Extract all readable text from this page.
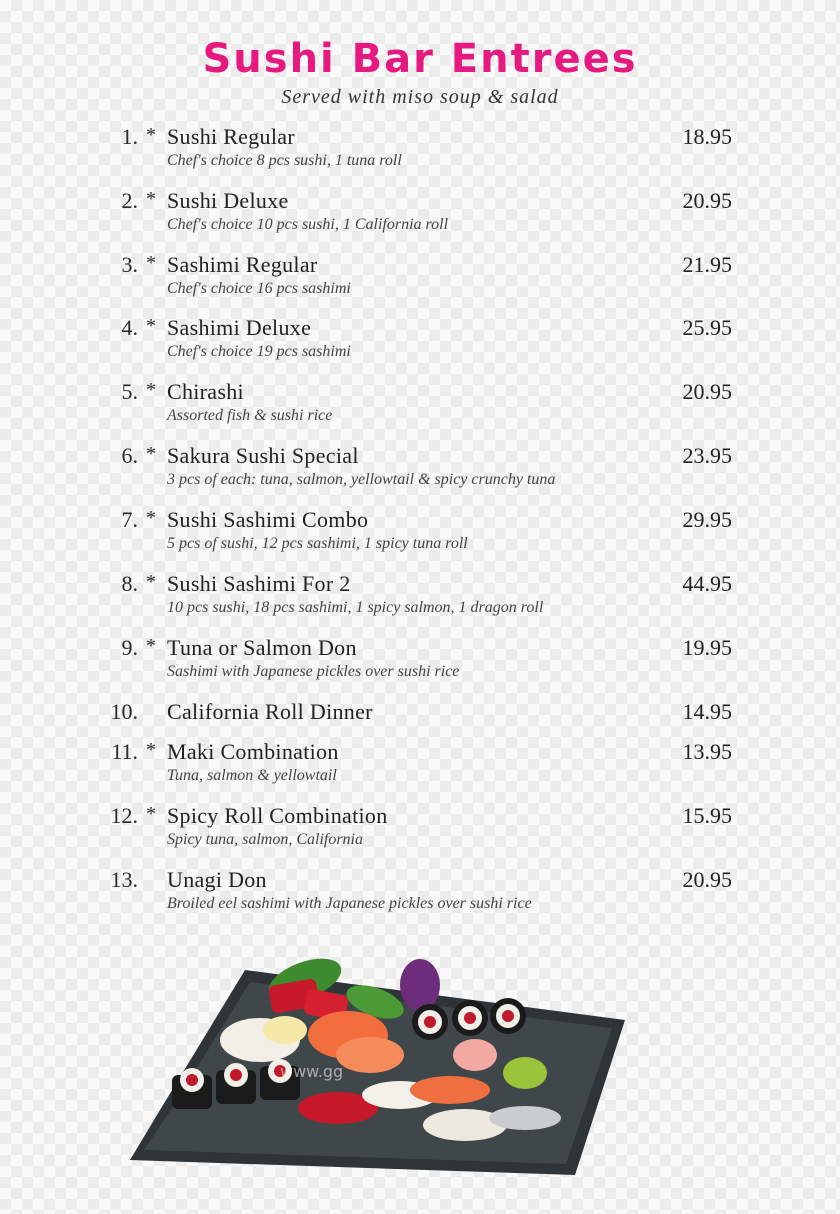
Sushi Bar Entrees
Served with miso soup & salad
1. * Sushi Regular
Chef's choice 8 pcs sushi, 1 tuna roll
18.95
2. * Sushi Deluxe
Chef's choice 10 pcs sushi, 1 California roll
20.95
3. * Sashimi Regular
Chef's choice 16 pcs sashimi
21.95
4. * Sashimi Deluxe
Chef's choice 19 pcs sashimi
25.95
5. * Chirashi
Assorted fish & sushi rice
20.95
6. * Sakura Sushi Special
3 pcs of each: tuna, salmon, yellowtail & spicy crunchy tuna
23.95
7. * Sushi Sashimi Combo
5 pcs of sushi, 12 pcs sashimi, 1 spicy tuna roll
29.95
8. * Sushi Sashimi For 2
10 pcs sushi, 18 pcs sashimi, 1 spicy salmon, 1 dragon roll
44.95
9. * Tuna or Salmon Don
Sashimi with Japanese pickles over sushi rice
19.95
10. California Roll Dinner	14.95
11. * Maki Combination
Tuna, salmon & yellowtail
13.95
12. * Spicy Roll Combination
Spicy tuna, salmon, California
15.95
13. Unagi Don
Broiled eel sashimi with Japanese pickles over sushi rice
20.95
www.gg
